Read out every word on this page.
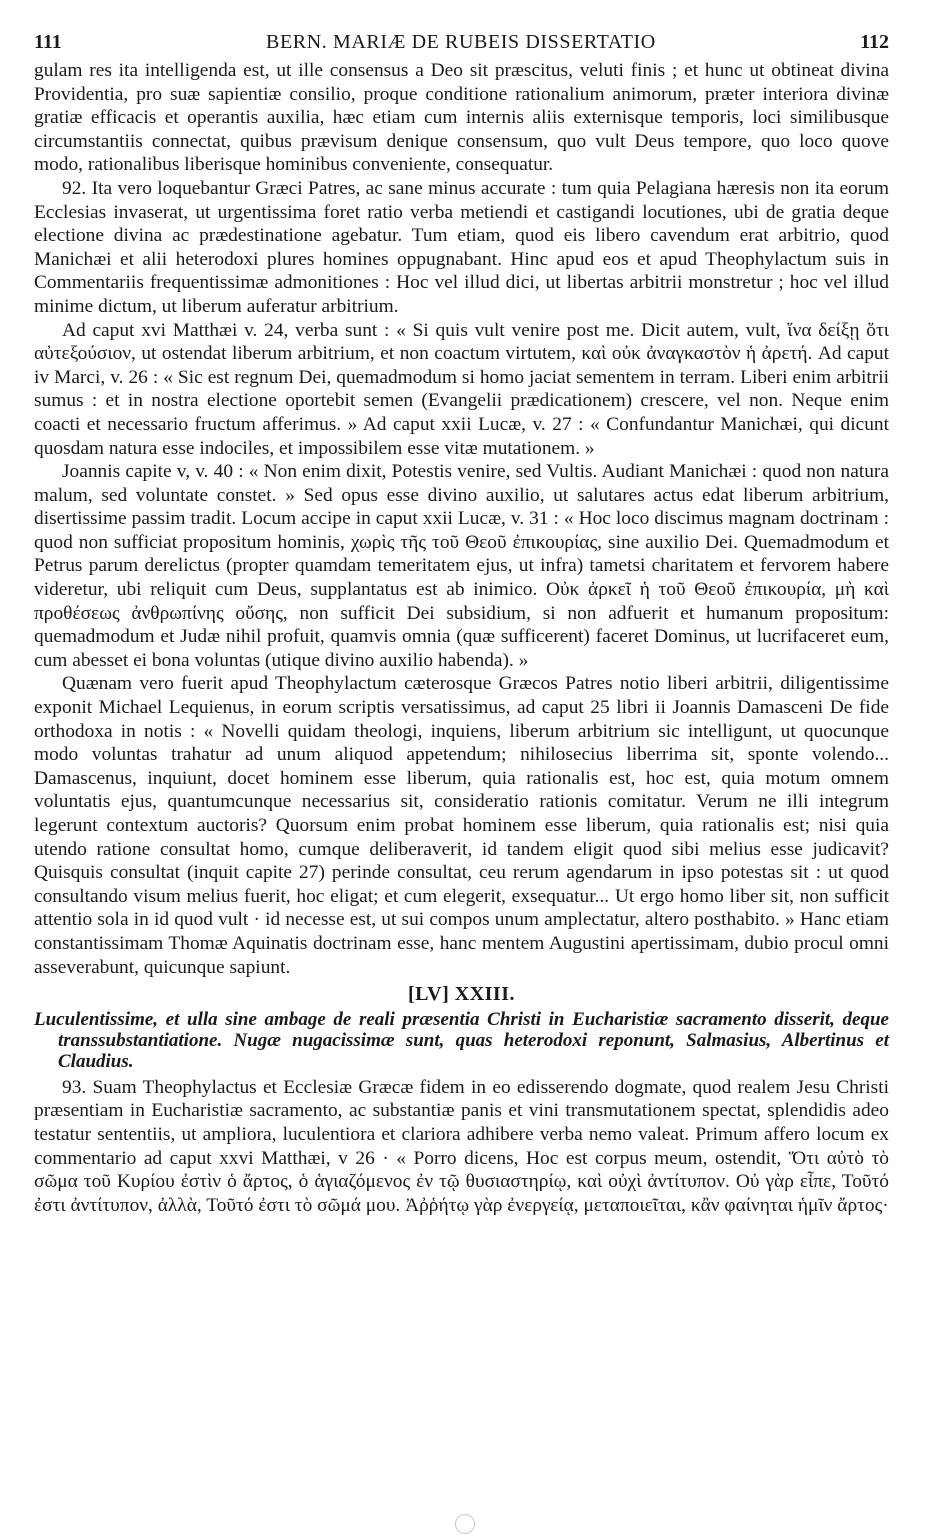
111	BERN. MARIÆ DE RUBEIS DISSERTATIO	112

gulam res ita intelligenda est, ut ille consensus a Deo sit præscitus, veluti finis ; et hunc ut obtineat divina Providentia, pro suæ sapientiæ consilio, proque conditione rationalium animorum, præter interiora divinæ gratiæ efficacis et operantis auxilia, hæc etiam cum internis aliis externisque temporis, loci similibusque circumstantiis connectat, quibus prævisum denique consensum, quo vult Deus tempore, quo loco quove modo, rationalibus liberisque hominibus conveniente, consequatur.

92. Ita vero loquebantur Græci Patres, ac sane minus accurate : tum quia Pelagiana hæresis non ita eorum Ecclesias invaserat, ut urgentissima foret ratio verba metiendi et castigandi locutiones, ubi de gratia deque electione divina ac prædestinatione agebatur. Tum etiam, quod eis libero cavendum erat arbitrio, quod Manichæi et alii heterodoxi plures homines oppugnabant. Hinc apud eos et apud Theophylactum suis in Commentariis frequentissimæ admonitiones : Hoc vel illud dici, ut libertas arbitrii monstretur ; hoc vel illud minime dictum, ut liberum auferatur arbitrium.

Ad caput xvi Matthæi v. 24, verba sunt : « Si quis vult venire post me. Dicit autem, vult, ἵνα δείξῃ ὅτι αὐτεξούσιον, ut ostendat liberum arbitrium, et non coactum virtutem, καὶ οὐκ ἀναγκαστὸν ἡ ἀρετή. Ad caput iv Marci, v. 26 : « Sic est regnum Dei, quemadmodum si homo jaciat sementem in terram. Liberi enim arbitrii sumus : et in nostra electione oportebit semen (Evangelii prædicationem) crescere, vel non. Neque enim coacti et necessario fructum afferimus. » Ad caput xxii Lucæ, v. 27 : « Confundantur Manichæi, qui dicunt quosdam natura esse indociles, et impossibilem esse vitæ mutationem. »

Joannis capite v, v. 40 : « Non enim dixit, Potestis venire, sed Vultis. Audiant Manichæi : quod non natura malum, sed voluntate constet. » Sed opus esse divino auxilio, ut salutares actus edat liberum arbitrium, disertissime passim tradit. Locum accipe in caput xxii Lucæ, v. 31 : « Hoc loco discimus magnam doctrinam : quod non sufficiat propositum hominis, χωρὶς τῆς τοῦ Θεοῦ ἐπικουρίας, sine auxilio Dei. Quemadmodum et Petrus parum derelictus (propter quamdam temeritatem ejus, ut infra) tametsi charitatem et fervorem habere videretur, ubi reliquit cum Deus, supplantatus est ab inimico. Οὐκ ἀρκεῖ ἡ τοῦ Θεοῦ ἐπικουρία, μὴ καὶ προθέσεως ἀνθρωπίνης οὔσης, non sufficit Dei subsidium, si non adfuerit et humanum propositum: quemadmodum et Judæ nihil profuit, quamvis omnia (quæ sufficerent) faceret Dominus, ut lucrifaceret eum, cum abesset ei bona voluntas (utique divino auxilio habenda). »

Quænam vero fuerit apud Theophylactum cæterosque Græcos Patres notio liberi arbitrii, diligentissime exponit Michael Lequienus, in eorum scriptis versatissimus, ad caput 25 libri ii Joannis Damasceni De fide orthodoxa in notis : « Novelli quidam theologi, inquiens, liberum arbitrium sic intelligunt, ut quocunque modo voluntas trahatur ad unum aliquod appetendum; nihilosecius liberrima sit, sponte volendo... Damascenus, inquiunt, docet hominem esse liberum, quia rationalis est, hoc est, quia motum omnem voluntatis ejus, quantumcunque necessarius sit, consideratio rationis comitatur. Verum ne illi integrum legerunt contextum auctoris? Quorsum enim probat hominem esse liberum, quia rationalis est; nisi quia utendo ratione consultat homo, cumque deliberaverit, id tandem eligit quod sibi melius esse judicavit? Quisquis consultat (inquit capite 27) perinde consultat, ceu rerum agendarum in ipso potestas sit : ut quod consultando visum melius fuerit, hoc eligat; et cum elegerit, exsequatur... Ut ergo homo liber sit, non sufficit attentio sola in id quod vult · id necesse est, ut sui compos unum amplectatur, altero posthabito. » Hanc etiam constantissimam Thomæ Aquinatis doctrinam esse, hanc mentem Augustini apertissimam, dubio procul omni asseverabunt, quicunque sapiunt.

[LV] XXIII.

Luculentissime, et ulla sine ambage de reali præsentia Christi in Eucharistiæ sacramento disserit, deque transsubstantiatione. Nugæ nugacissimæ sunt, quas heterodoxi reponunt, Salmasius, Albertinus et Claudius.

93. Suam Theophylactus et Ecclesiæ Græcæ fidem in eo edisserendo dogmate, quod realem Jesu Christi præsentiam in Eucharistiæ sacramento, ac substantiæ panis et vini transmutationem spectat, splendidis adeo testatur sententiis, ut ampliora, luculentiora et clariora adhibere verba nemo valeat. Primum affero locum ex commentario ad caput xxvi Matthæi, v 26 · « Porro dicens, Hoc est corpus meum, ostendit, Ὅτι αὐτὸ τὸ σῶμα τοῦ Κυρίου ἐστὶν ὁ ἄρτος, ὁ ἁγιαζόμενος ἐν τῷ θυσιαστηρίῳ, καὶ οὐχὶ ἀντίτυπον. Οὐ γὰρ εἶπε, Τοῦτό ἐστι ἀντίτυπον, ἀλλὰ, Τοῦτό ἐστι τὸ σῶμά μου. Ἀῤῥήτῳ γὰρ ἐνεργείᾳ, μεταποιεῖται, κἂν φαίνηται ἡμῖν ἄρτος·
